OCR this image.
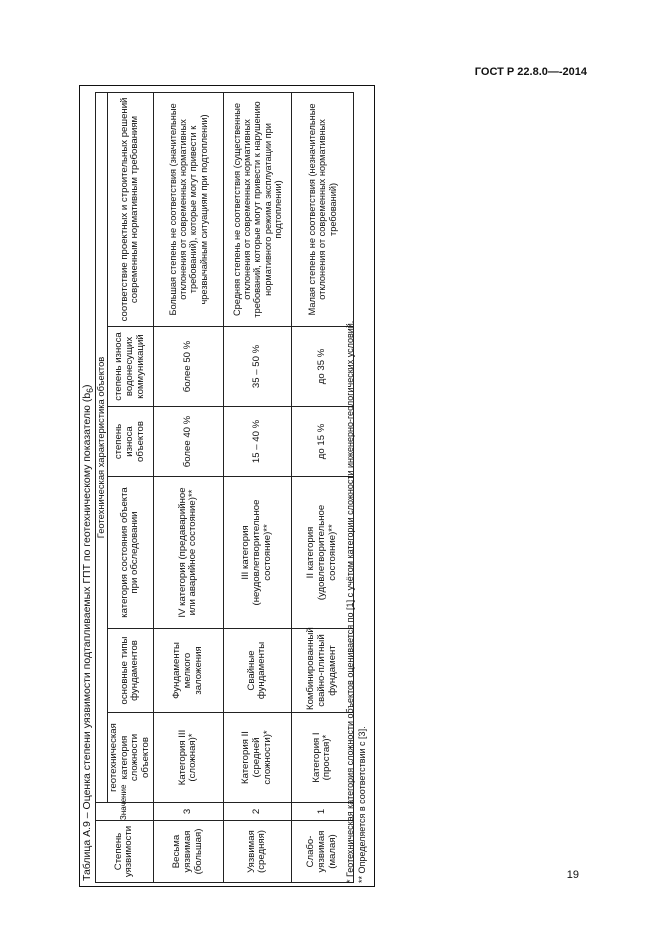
ГОСТ Р 22.8.0—-2014
Таблица А.9 – Оценка степени уязвимости подтапливаемых ГПТ по геотехническому показателю $(b_6)$
Степень уязвимости	Значение	Геотехническая характеристика объектов					
		геотехническая категория сложности объектов	основные типы фундаментов	категория состояния объекта при обследовании	степень износа объектов	степень износа водонесущих коммуникаций	соответствие проектных и строительных решений современным нормативным требованиям
Весьма уязвимая (большая)	3	Категория III (сложная)*	Фундаменты мелкого заложения	IV категория (предаварийное или аварийное состояние)**	более 40 %	более 50 %	Большая степень не соответствия (значительные отклонения от современных нормативных требований), которые могут привести к чрезвычайным ситуациям при подтоплении)
Уязвимая (средняя)	2	Категория II (средней сложности)*	Свайные фундаменты	III категория (неудовлетворительное состояние)**	15 – 40 %	35 – 50 %	Средняя степень не соответствия (существенные отклонения от современных нормативных требований, которые могут привести к нарушению нормативного режима эксплуатации при подтоплении)
Слабо-уязвимая (малая)	1	Категория I (простая)*	Комбинированный свайно-плитный фундамент	II категория (удовлетворительное состояние)**	до 15 %	до 35 %	Малая степень не соответствия (незначительные отклонения от современных нормативных требований)
* Геотехническая категория сложности объектов оценивается по [1] с учётом категории сложности инженерно-геологических условий. ** Определяется в соответствии с [3].	19
